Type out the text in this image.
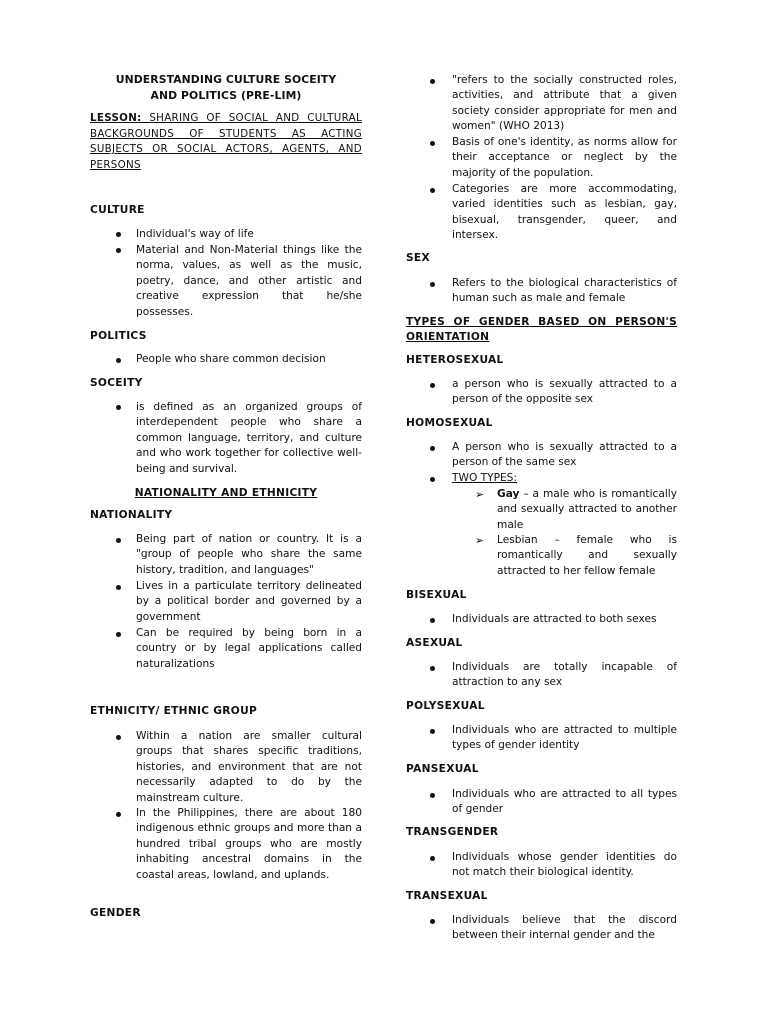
UNDERSTANDING CULTURE SOCEITY AND POLITICS (PRE-LIM)
LESSON: SHARING OF SOCIAL AND CULTURAL BACKGROUNDS OF STUDENTS AS ACTING SUBJECTS OR SOCIAL ACTORS, AGENTS, AND PERSONS
CULTURE
Individual's way of life
Material and Non-Material things like the norma, values, as well as the music, poetry, dance, and other artistic and creative expression that he/she possesses.
POLITICS
People who share common decision
SOCEITY
is defined as an organized groups of interdependent people who share a common language, territory, and culture and who work together for collective well-being and survival.
NATIONALITY AND ETHNICITY
NATIONALITY
Being part of nation or country. It is a "group of people who share the same history, tradition, and languages"
Lives in a particulate territory delineated by a political border and governed by a government
Can be required by being born in a country or by legal applications called naturalizations
ETHNICITY/ ETHNIC GROUP
Within a nation are smaller cultural groups that shares specific traditions, histories, and environment that are not necessarily adapted to do by the mainstream culture.
In the Philippines, there are about 180 indigenous ethnic groups and more than a hundred tribal groups who are mostly inhabiting ancestral domains in the coastal areas, lowland, and uplands.
GENDER
"refers to the socially constructed roles, activities, and attribute that a given society consider appropriate for men and women" (WHO 2013)
Basis of one's identity, as norms allow for their acceptance or neglect by the majority of the population.
Categories are more accommodating, varied identities such as lesbian, gay, bisexual, transgender, queer, and intersex.
SEX
Refers to the biological characteristics of human such as male and female
TYPES OF GENDER BASED ON PERSON'S ORIENTATION
HETEROSEXUAL
a person who is sexually attracted to a person of the opposite sex
HOMOSEXUAL
A person who is sexually attracted to a person of the same sex
TWO TYPES:
➢ Gay – a male who is romantically and sexually attracted to another male
➢ Lesbian – female who is romantically and sexually attracted to her fellow female
BISEXUAL
Individuals are attracted to both sexes
ASEXUAL
Individuals are totally incapable of attraction to any sex
POLYSEXUAL
Individuals who are attracted to multiple types of gender identity
PANSEXUAL
Individuals who are attracted to all types of gender
TRANSGENDER
Individuals whose gender identities do not match their biological identity.
TRANSEXUAL
Individuals believe that the discord between their internal gender and the
